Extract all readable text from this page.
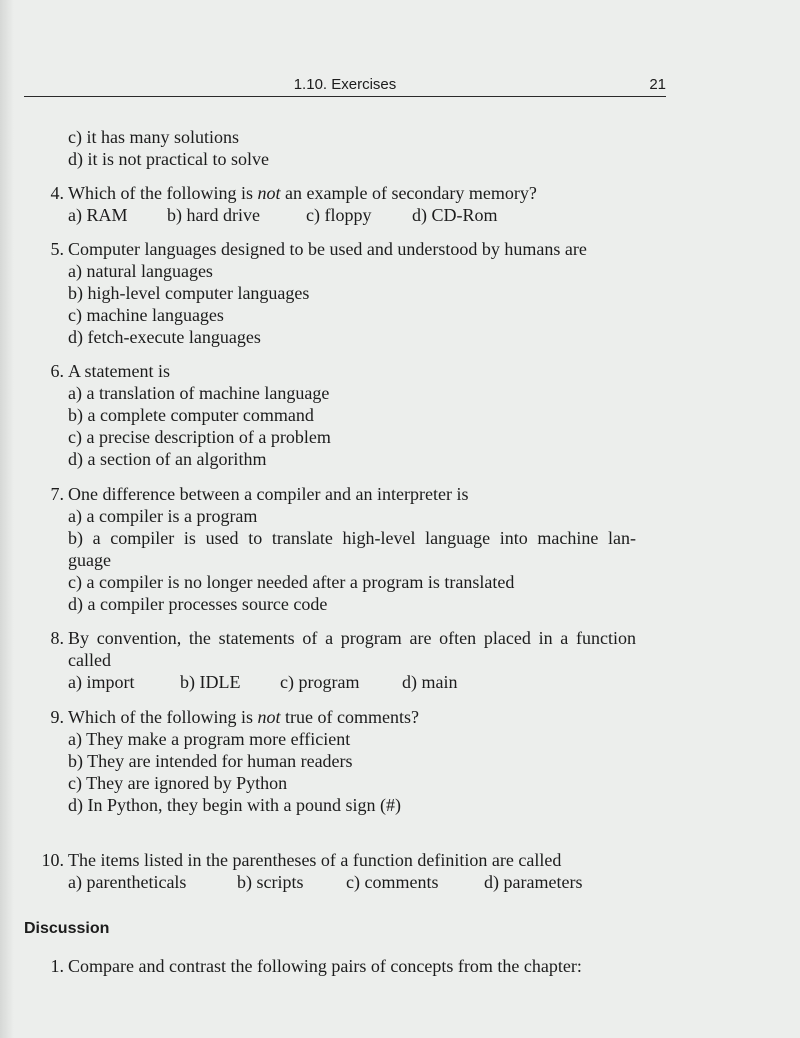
1.10. Exercises	21
c) it has many solutions
d) it is not practical to solve
4. Which of the following is not an example of secondary memory?
a) RAM b) hard drive	c) floppy d) CD-Rom
5. Computer languages designed to be used and understood by humans are
a) natural languages
b) high-level computer languages
c) machine languages
d) fetch-execute languages
6. A statement is
a) a translation of machine language
b) a complete computer command
c) a precise description of a problem
d) a section of an algorithm
7. One difference between a compiler and an interpreter is
a) a compiler is a program
b) a compiler is used to translate high-level language into machine lan-
guage
c) a compiler is no longer needed after a program is translated
d) a compiler processes source code
8. By convention, the statements of a program are often placed in a function
called
a) import	b) IDLE c) program d) main
9. Which of the following is not true of comments?
a) They make a program more efficient
b) They are intended for human readers
c) They are ignored by Python
d) In Python, they begin with a pound sign (#)
10. The items listed in the parentheses of a function definition are called
a) parentheticals	b) scripts c) comments	d) parameters
Discussion
1. Compare and contrast the following pairs of concepts from the chapter:
